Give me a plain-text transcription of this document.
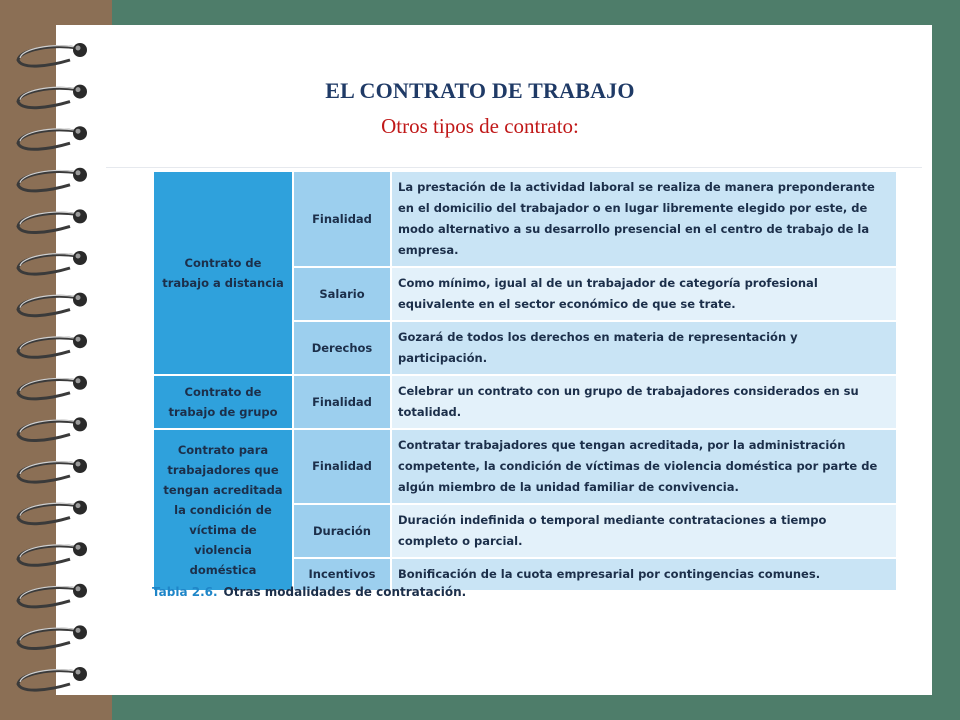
EL CONTRATO DE TRABAJO
Otros tipos de contrato:
Contrato de trabajo a distancia	Finalidad	La prestación de la actividad laboral se realiza de manera preponderante en el domicilio del trabajador o en lugar libremente elegido por este, de modo alternativo a su desarrollo presencial en el centro de trabajo de la empresa.
	Salario	Como mínimo, igual al de un trabajador de categoría profesional equivalente en el sector económico de que se trate.
	Derechos	Gozará de todos los derechos en materia de representación y participación.
Contrato de trabajo de grupo	Finalidad	Celebrar un contrato con un grupo de trabajadores considerados en su totalidad.
Contrato para trabajadores que tengan acreditada la condición de víctima de violencia doméstica	Finalidad	Contratar trabajadores que tengan acreditada, por la administración competente, la condición de víctimas de violencia doméstica por parte de algún miembro de la unidad familiar de convivencia.
	Duración	Duración indefinida o temporal mediante contrataciones a tiempo completo o parcial.
	Incentivos	Bonificación de la cuota empresarial por contingencias comunes.
Tabla 2.6. Otras modalidades de contratación.
